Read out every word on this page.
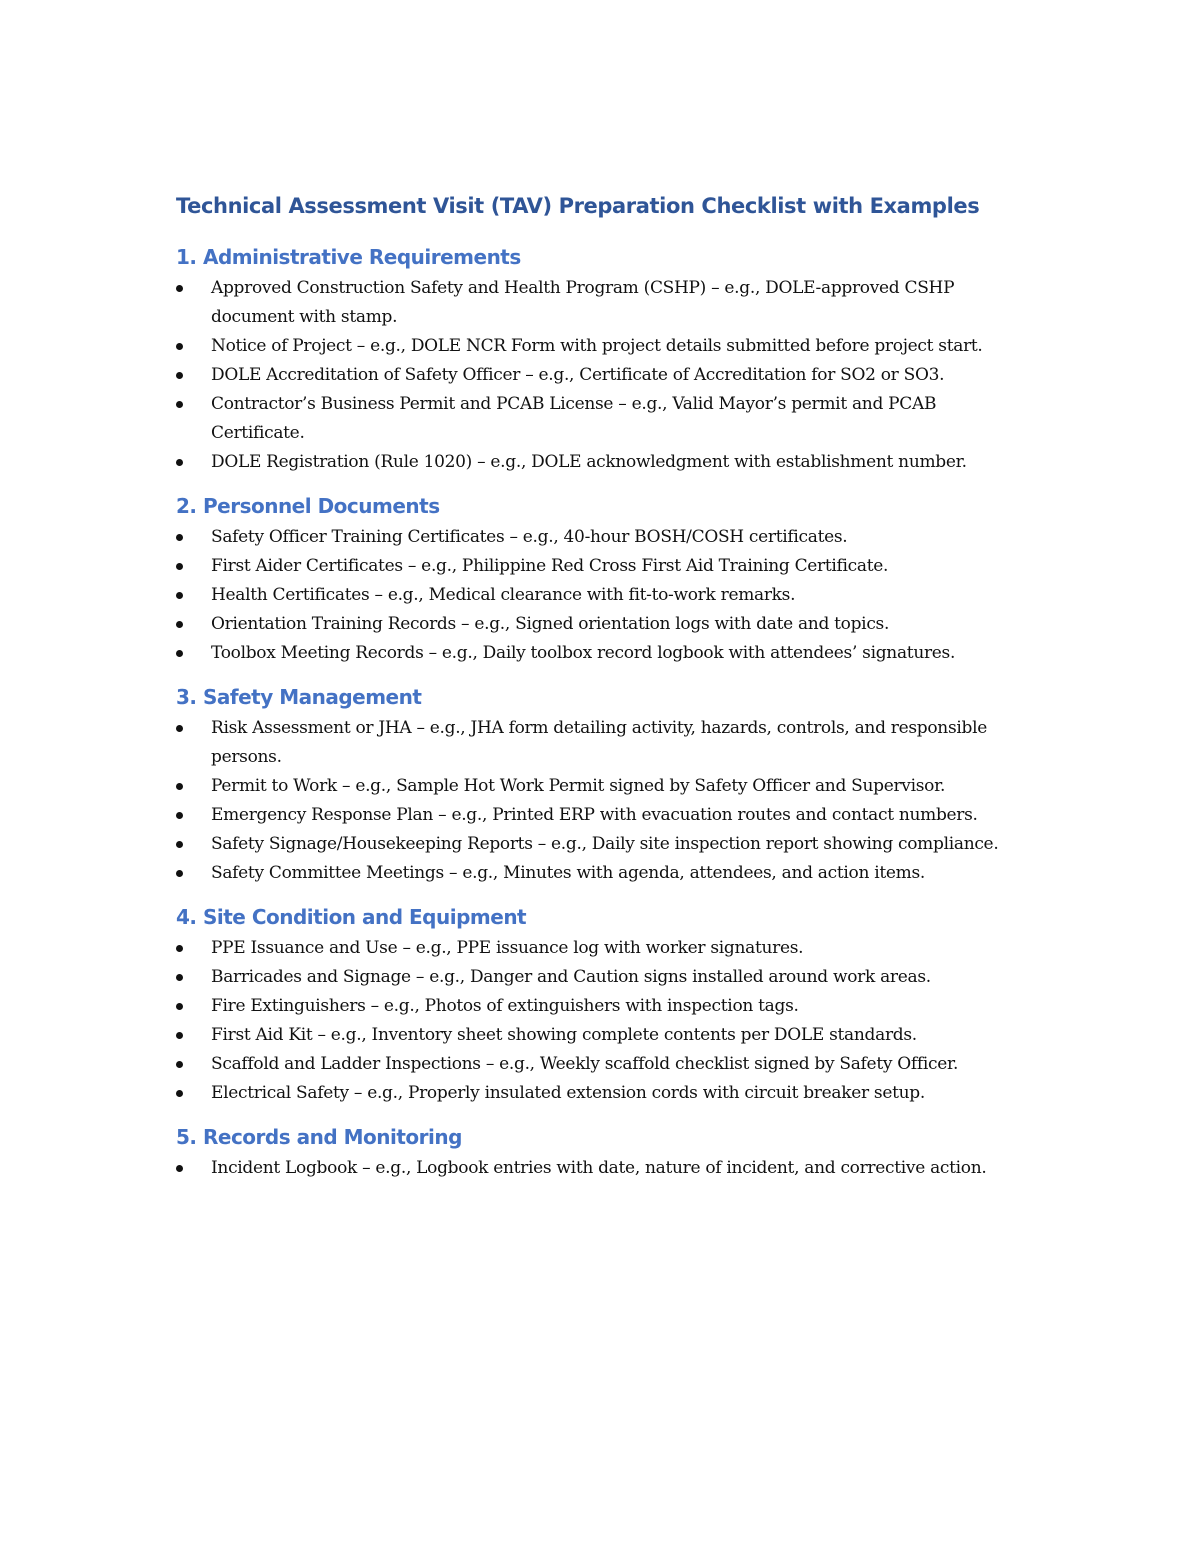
Technical Assessment Visit (TAV) Preparation Checklist with Examples
1. Administrative Requirements
Approved Construction Safety and Health Program (CSHP) – e.g., DOLE-approved CSHP document with stamp.
Notice of Project – e.g., DOLE NCR Form with project details submitted before project start.
DOLE Accreditation of Safety Officer – e.g., Certificate of Accreditation for SO2 or SO3.
Contractor’s Business Permit and PCAB License – e.g., Valid Mayor’s permit and PCAB Certificate.
DOLE Registration (Rule 1020) – e.g., DOLE acknowledgment with establishment number.
2. Personnel Documents
Safety Officer Training Certificates – e.g., 40-hour BOSH/COSH certificates.
First Aider Certificates – e.g., Philippine Red Cross First Aid Training Certificate.
Health Certificates – e.g., Medical clearance with fit-to-work remarks.
Orientation Training Records – e.g., Signed orientation logs with date and topics.
Toolbox Meeting Records – e.g., Daily toolbox record logbook with attendees’ signatures.
3. Safety Management
Risk Assessment or JHA – e.g., JHA form detailing activity, hazards, controls, and responsible persons.
Permit to Work – e.g., Sample Hot Work Permit signed by Safety Officer and Supervisor.
Emergency Response Plan – e.g., Printed ERP with evacuation routes and contact numbers.
Safety Signage/Housekeeping Reports – e.g., Daily site inspection report showing compliance.
Safety Committee Meetings – e.g., Minutes with agenda, attendees, and action items.
4. Site Condition and Equipment
PPE Issuance and Use – e.g., PPE issuance log with worker signatures.
Barricades and Signage – e.g., Danger and Caution signs installed around work areas.
Fire Extinguishers – e.g., Photos of extinguishers with inspection tags.
First Aid Kit – e.g., Inventory sheet showing complete contents per DOLE standards.
Scaffold and Ladder Inspections – e.g., Weekly scaffold checklist signed by Safety Officer.
Electrical Safety – e.g., Properly insulated extension cords with circuit breaker setup.
5. Records and Monitoring
Incident Logbook – e.g., Logbook entries with date, nature of incident, and corrective action.
